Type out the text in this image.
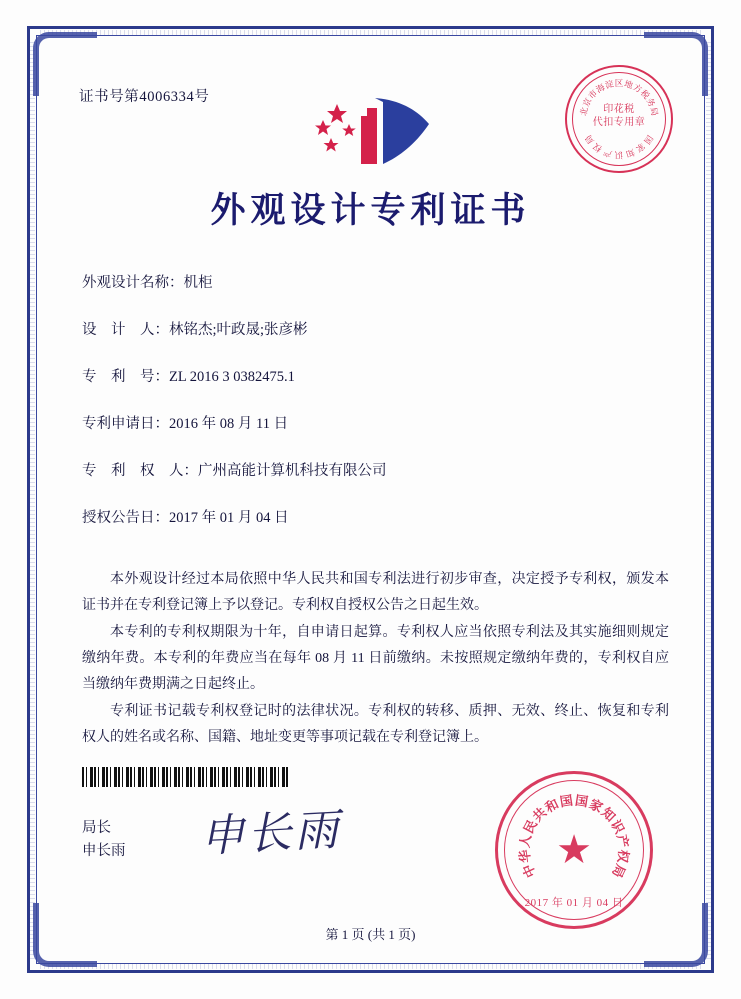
证书号第4006334号
北
京
市
海
淀 区 地
方
税
务
局
印花税
代扣专用章
国
家
知
识
产
权
局
外观设计专利证书
外观设计名称：机柜
设　计　人：林铭杰;叶政晟;张彦彬
专　利　号：ZL 2016 3 0382475.1
专利申请日：2016 年 08 月 11 日
专　利　权　人：广州高能计算机科技有限公司
授权公告日：2017 年 01 月 04 日

本外观设计经过本局依照中华人民共和国专利法进行初步审查，决定授予专利权，颁发本证书并在专利登记簿上予以登记。专利权自授权公告之日起生效。

本专利的专利权期限为十年，自申请日起算。专利权人应当依照专利法及其实施细则规定缴纳年费。本专利的年费应当在每年 08 月 11 日前缴纳。未按照规定缴纳年费的，专利权自应当缴纳年费期满之日起终止。

专利证书记载专利权登记时的法律状况。专利权的转移、质押、无效、终止、恢复和专利权人的姓名或名称、国籍、地址变更等事项记载在专利登记簿上。

申长雨
局长
申长雨
中
华
人
民
共
和
国 国
家
知
识
产
权
局
★
2017 年 01 月 04 日
第 1 页 (共 1 页)
